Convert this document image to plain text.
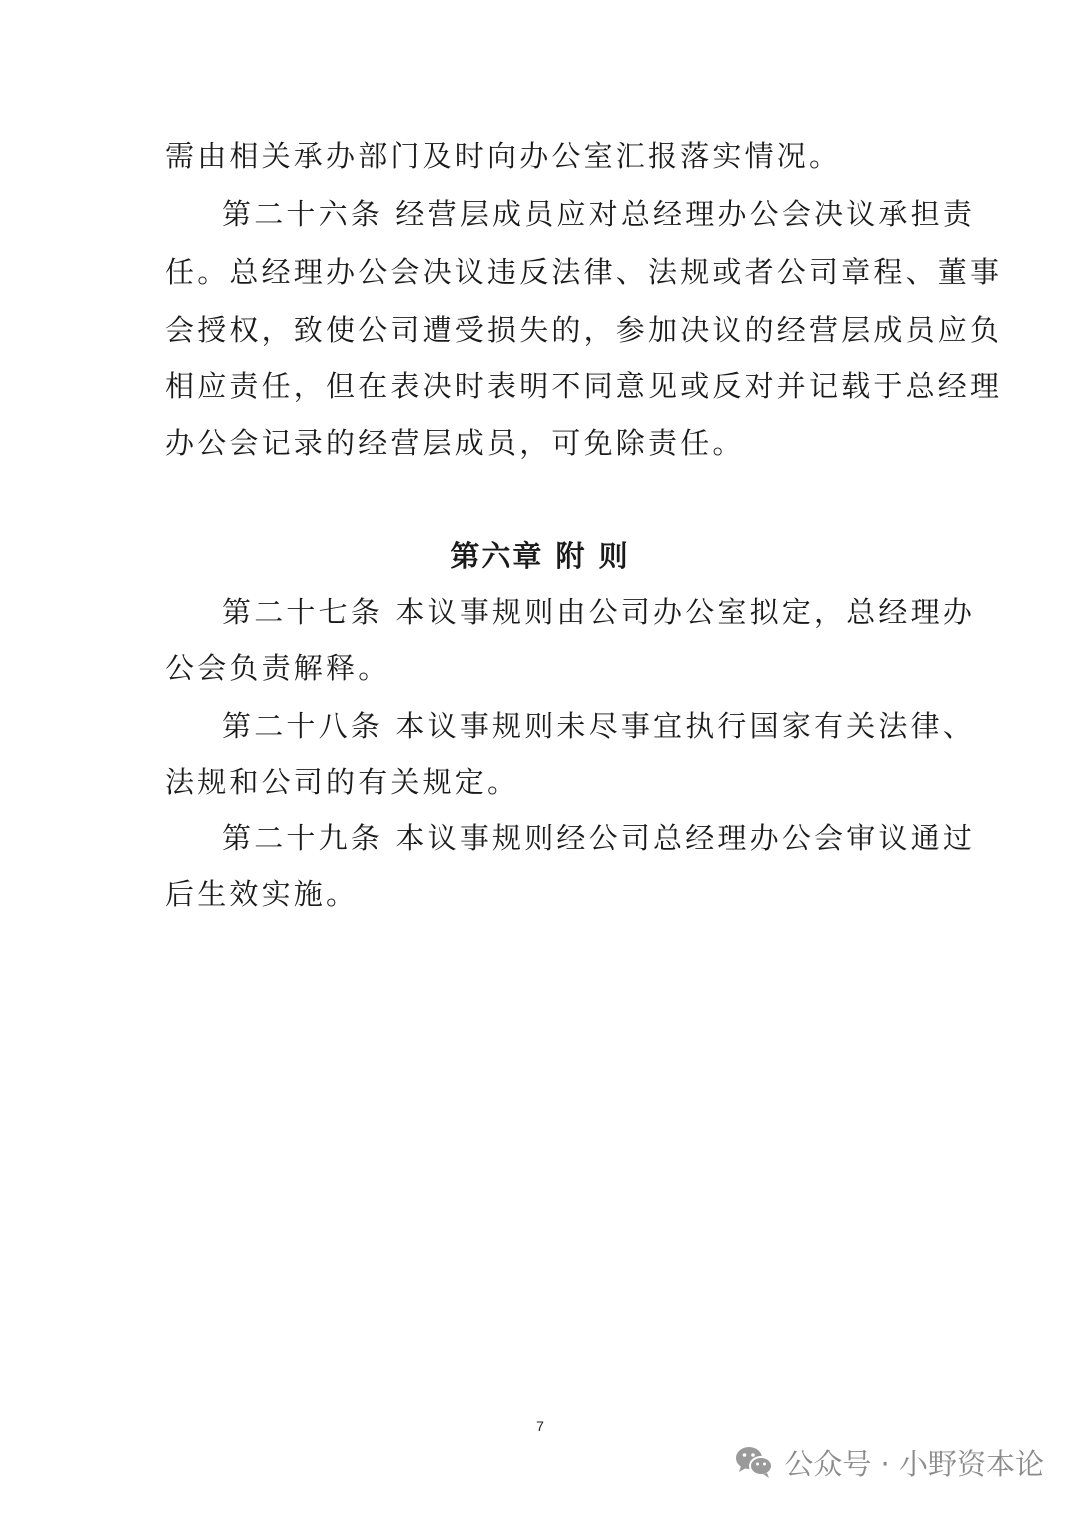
需由相关承办部门及时向办公室汇报落实情况。
第二十六条 经营层成员应对总经理办公会决议承担责
任。总经理办公会决议违反法律、法规或者公司章程、董事
会授权，致使公司遭受损失的，参加决议的经营层成员应负
相应责任，但在表决时表明不同意见或反对并记载于总经理
办公会记录的经营层成员，可免除责任。
第六章 附 则
第二十七条 本议事规则由公司办公室拟定，总经理办
公会负责解释。
第二十八条 本议事规则未尽事宜执行国家有关法律、
法规和公司的有关规定。
第二十九条 本议事规则经公司总经理办公会审议通过
后生效实施。
7
公众号 · 小野资本论
